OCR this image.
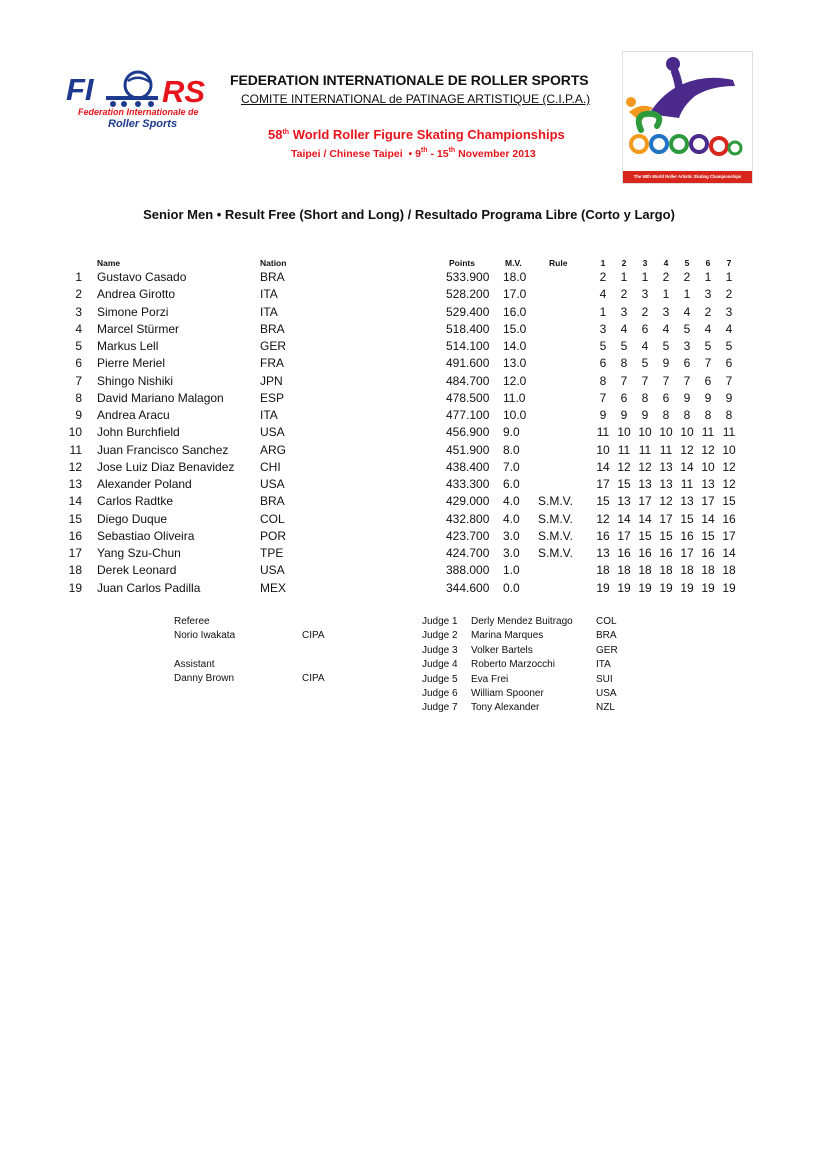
FI RS
Federation Internationale de
Roller Sports
FEDERATION INTERNATIONALE DE ROLLER SPORTS
COMITE INTERNATIONAL de PATINAGE ARTISTIQUE (C.I.P.A.)
58th World Roller Figure Skating Championships
Taipei / Chinese Taipei  • 9th - 15th November 2013
The 58th World Roller Artistic Skating Championships
Senior Men • Result Free (Short and Long) / Resultado Programa Libre (Corto y Largo)
Name	Nation	Points	M.V.	Rule	1	2	3	4	5	6	7
1 Gustavo Casado	BRA	533.900 18.0	2	1	1	2	2	1	1
2 Andrea Girotto	ITA	528.200 17.0	4	2	3	1	1	3	2
3 Simone Porzi	ITA	529.400 16.0	1	3	2	3	4	2	3
4 Marcel Stürmer	BRA	518.400 15.0	3	4	6	4	5	4	4
5 Markus Lell	GER	514.100 14.0	5	5	4	5	3	5	5
6 Pierre Meriel	FRA	491.600 13.0	6	8	5	9	6	7	6
7 Shingo Nishiki	JPN	484.700 12.0	8	7	7	7	7	6	7
8 David Mariano Malagon	ESP	478.500 11.0	7	6	8	6	9	9	9
9 Andrea Aracu	ITA	477.100 10.0	9	9	9	8	8	8	8
10 John Burchfield	USA	456.900 9.0	11 10 10 10 10 11 11
11 Juan Francisco Sanchez	ARG	451.900 8.0	10 11 11 11 12 12 10
12 Jose Luiz Diaz Benavidez CHI	438.400 7.0	14 12 12 13 14 10 12
13 Alexander Poland	USA	433.300 6.0	17 15 13 13 11 13 12
14 Carlos Radtke	BRA	429.000 4.0 S.M.V. 15 13 17 12 13 17 15
15 Diego Duque	COL	432.800 4.0 S.M.V. 12 14 14 17 15 14 16
16 Sebastiao Oliveira	POR	423.700 3.0 S.M.V. 16 17 15 15 16 15 17
17 Yang Szu-Chun	TPE	424.700 3.0 S.M.V. 13 16 16 16 17 16 14
18 Derek Leonard	USA	388.000 1.0	18 18 18 18 18 18 18
19 Juan Carlos Padilla	MEX	344.600 0.0	19 19 19 19 19 19 19
Referee
Norio Iwakata	CIPA
Assistant
Danny Brown	CIPA
Judge 1 Derly Mendez Buitrago COL
Judge 2 Marina Marques	BRA
Judge 3 Volker Bartels	GER
Judge 4 Roberto Marzocchi	ITA
Judge 5 Eva Frei	SUI
Judge 6 William Spooner	USA
Judge 7 Tony Alexander	NZL
